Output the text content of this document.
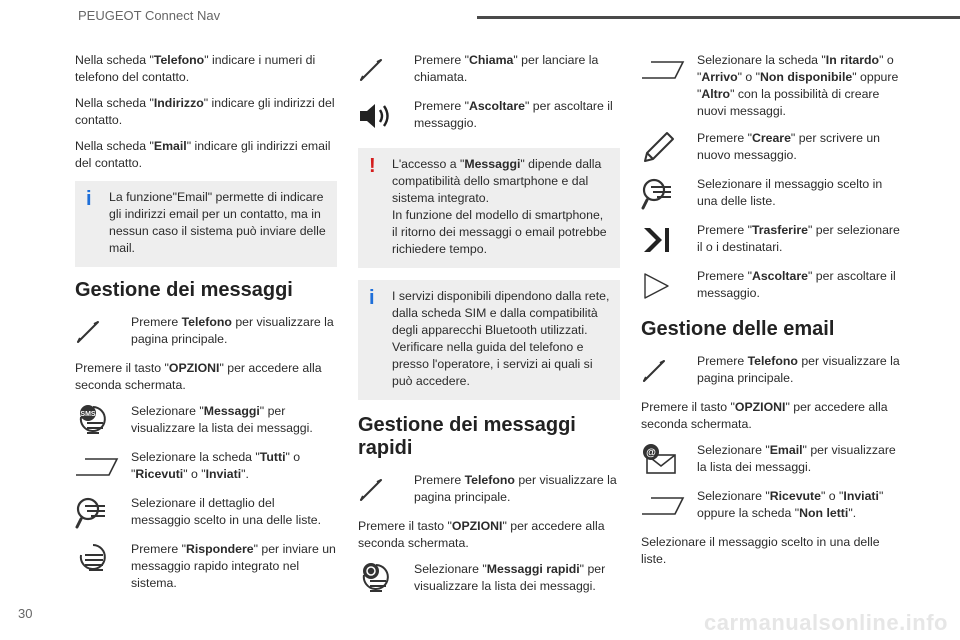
PEUGEOT Connect Nav

Nella scheda "Telefono" indicare i numeri di telefono del contatto.

Nella scheda "Indirizzo" indicare gli indirizzi del contatto.

Nella scheda "Email" indicare gli indirizzi email del contatto.

i La funzione"Email" permette di indicare gli indirizzi email per un contatto, ma in nessun caso il sistema può inviare delle mail.
Gestione dei messaggi
Premere Telefono per visualizzare la pagina principale.

Premere il tasto "OPZIONI" per accedere alla seconda schermata.

SMS	Selezionare "Messaggi" per visualizzare la lista dei messaggi.
Selezionare la scheda "Tutti" o "Ricevuti" o "Inviati".
Selezionare il dettaglio del messaggio scelto in una delle liste.
Premere "Rispondere" per inviare un messaggio rapido integrato nel sistema.
Premere "Chiama" per lanciare la chiamata.
Premere "Ascoltare" per ascoltare il messaggio.
! L'accesso a "Messaggi" dipende dalla compatibilità dello smartphone e dal sistema integrato.
In funzione del modello di smartphone, il ritorno dei messaggi o email potrebbe richiedere tempo.
i I servizi disponibili dipendono dalla rete, dalla scheda SIM e dalla compatibilità degli apparecchi Bluetooth utilizzati. Verificare nella guida del telefono e presso l'operatore, i servizi ai quali si può accedere.
Gestione dei messaggi rapidi
Premere Telefono per visualizzare la pagina principale.

Premere il tasto "OPZIONI" per accedere alla seconda schermata.

Selezionare "Messaggi rapidi" per visualizzare la lista dei messaggi.
Selezionare la scheda "In ritardo" o "Arrivo" o "Non disponibile" oppure "Altro" con la possibilità di creare nuovi messaggi.
Premere "Creare" per scrivere un nuovo messaggio.
Selezionare il messaggio scelto in una delle liste.
Premere "Trasferire" per selezionare il o i destinatari.
Premere "Ascoltare" per ascoltare il messaggio.
Gestione delle email
Premere Telefono per visualizzare la pagina principale.

Premere il tasto "OPZIONI" per accedere alla seconda schermata.

@	Selezionare "Email" per visualizzare la lista dei messaggi.
Selezionare "Ricevute" o "Inviati" oppure la scheda "Non letti".

Selezionare il messaggio scelto in una delle liste.

30	carmanualsonline.info
